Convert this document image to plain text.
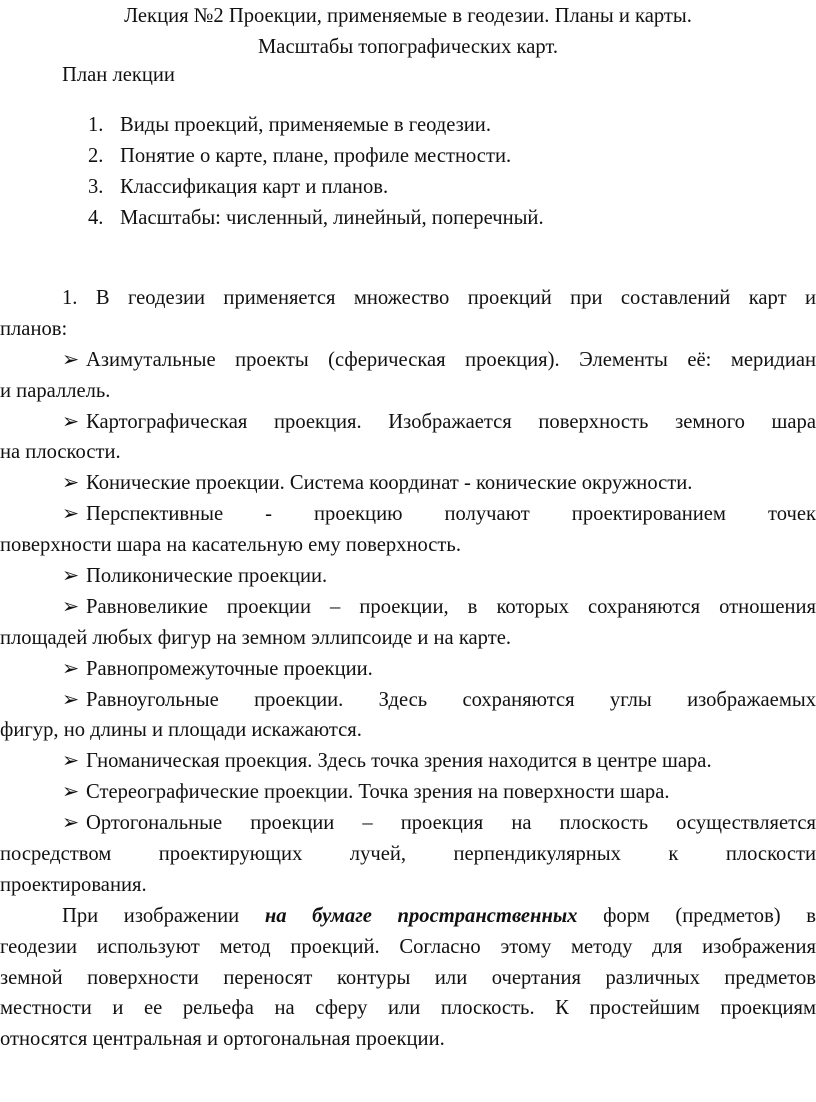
Лекция №2 Проекции, применяемые в геодезии. Планы и карты.
Масштабы топографических карт.
План лекции
1. Виды проекций, применяемые в геодезии.
2. Понятие о карте, плане, профиле местности.
3. Классификация карт и планов.
4. Масштабы: численный, линейный, поперечный.
1. В геодезии применяется множество проекций при составлений карт и
планов:
➢ Азимутальные проекты (сферическая проекция). Элементы её: меридиан
и параллель.
➢ Картографическая проекция. Изображается поверхность земного шара
на плоскости.
➢ Конические проекции. Система координат - конические окружности.
➢ Перспективные - проекцию получают проектированием точек
поверхности шара на касательную ему поверхность.
➢ Поликонические проекции.
➢ Равновеликие проекции – проекции, в которых сохраняются отношения
площадей любых фигур на земном эллипсоиде и на карте.
➢ Равнопромежуточные проекции.
➢ Равноугольные проекции. Здесь сохраняются углы изображаемых
фигур, но длины и площади искажаются.
➢ Гноманическая проекция. Здесь точка зрения находится в центре шара.
➢ Стереографические проекции. Точка зрения на поверхности шара.
➢ Ортогональные проекции – проекция на плоскость осуществляется
посредством проектирующих лучей, перпендикулярных к плоскости
проектирования.
При изображении на бумаге пространственных форм (предметов) в
геодезии используют метод проекций. Согласно этому методу для изображения
земной поверхности переносят контуры или очертания различных предметов
местности и ее рельефа на сферу или плоскость. К простейшим проекциям
относятся центральная и ортогональная проекции.
